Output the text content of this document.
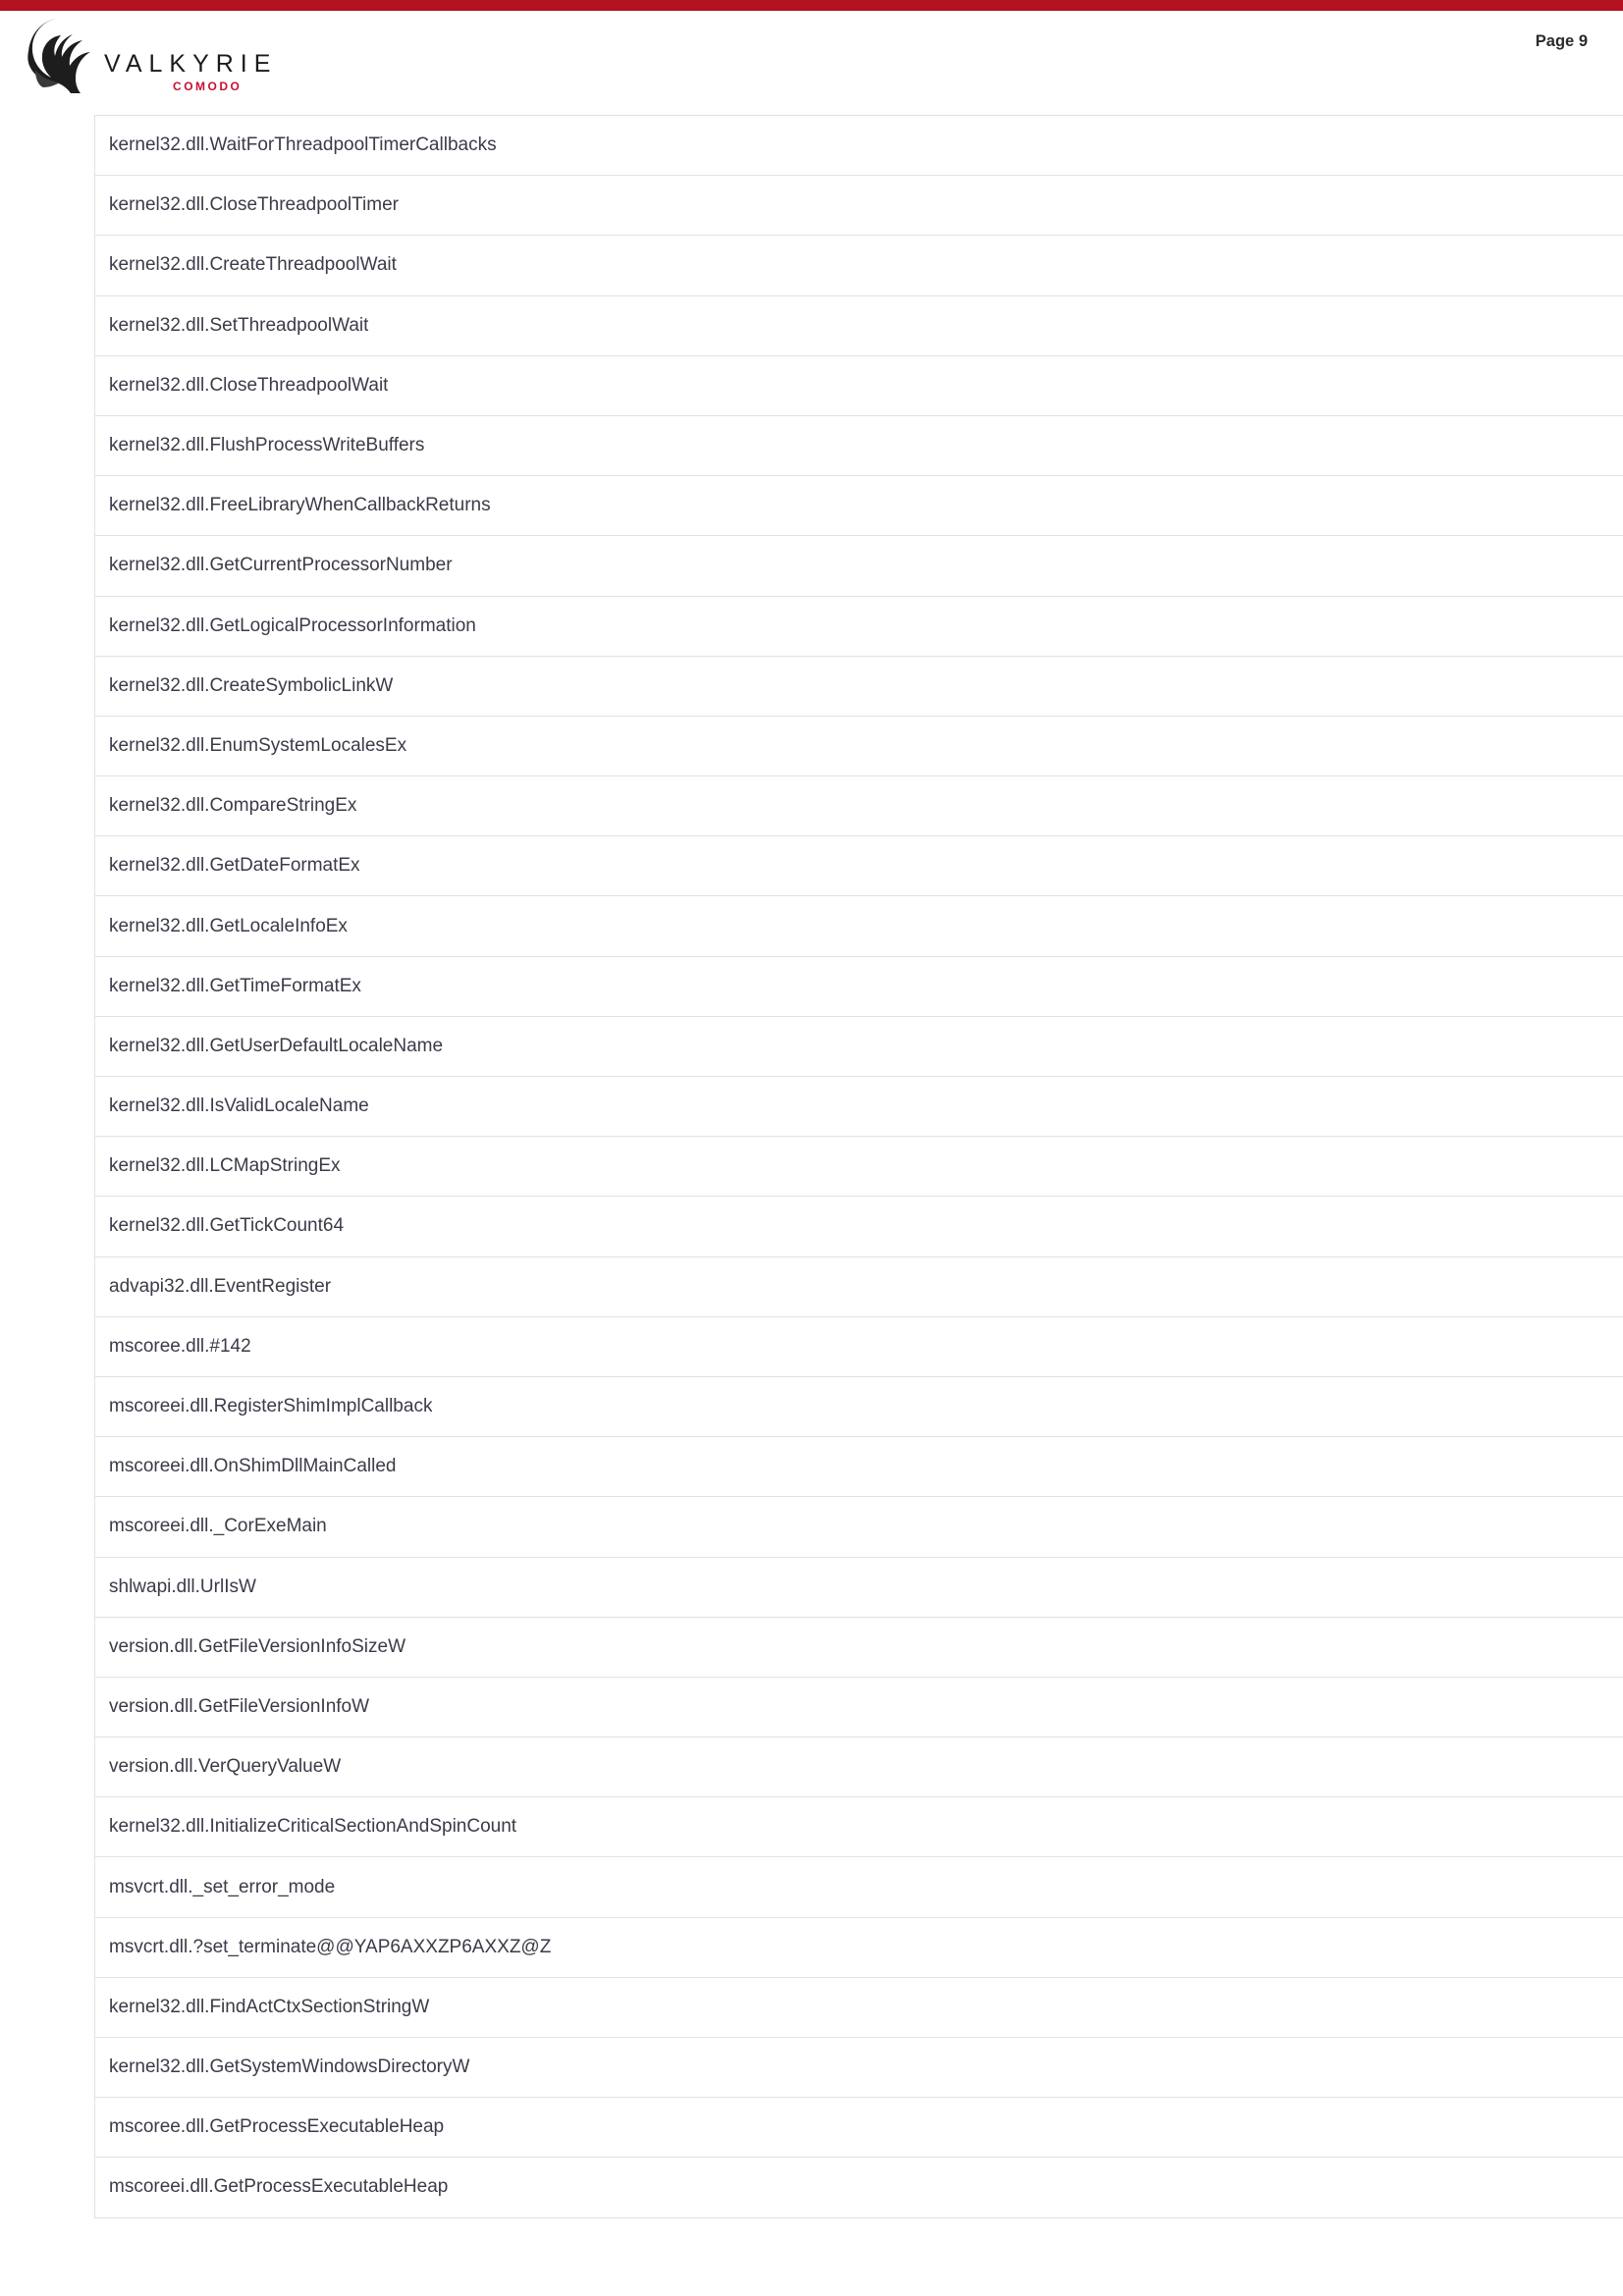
VALKYRIE
COMODO
Page 9
kernel32.dll.WaitForThreadpoolTimerCallbacks
kernel32.dll.CloseThreadpoolTimer
kernel32.dll.CreateThreadpoolWait
kernel32.dll.SetThreadpoolWait
kernel32.dll.CloseThreadpoolWait
kernel32.dll.FlushProcessWriteBuffers
kernel32.dll.FreeLibraryWhenCallbackReturns
kernel32.dll.GetCurrentProcessorNumber
kernel32.dll.GetLogicalProcessorInformation
kernel32.dll.CreateSymbolicLinkW
kernel32.dll.EnumSystemLocalesEx
kernel32.dll.CompareStringEx
kernel32.dll.GetDateFormatEx
kernel32.dll.GetLocaleInfoEx
kernel32.dll.GetTimeFormatEx
kernel32.dll.GetUserDefaultLocaleName
kernel32.dll.IsValidLocaleName
kernel32.dll.LCMapStringEx
kernel32.dll.GetTickCount64
advapi32.dll.EventRegister
mscoree.dll.#142
mscoreei.dll.RegisterShimImplCallback
mscoreei.dll.OnShimDllMainCalled
mscoreei.dll._CorExeMain
shlwapi.dll.UrlIsW
version.dll.GetFileVersionInfoSizeW
version.dll.GetFileVersionInfoW
version.dll.VerQueryValueW
kernel32.dll.InitializeCriticalSectionAndSpinCount
msvcrt.dll._set_error_mode
msvcrt.dll.?set_terminate@@YAP6AXXZP6AXXZ@Z
kernel32.dll.FindActCtxSectionStringW
kernel32.dll.GetSystemWindowsDirectoryW
mscoree.dll.GetProcessExecutableHeap
mscoreei.dll.GetProcessExecutableHeap
